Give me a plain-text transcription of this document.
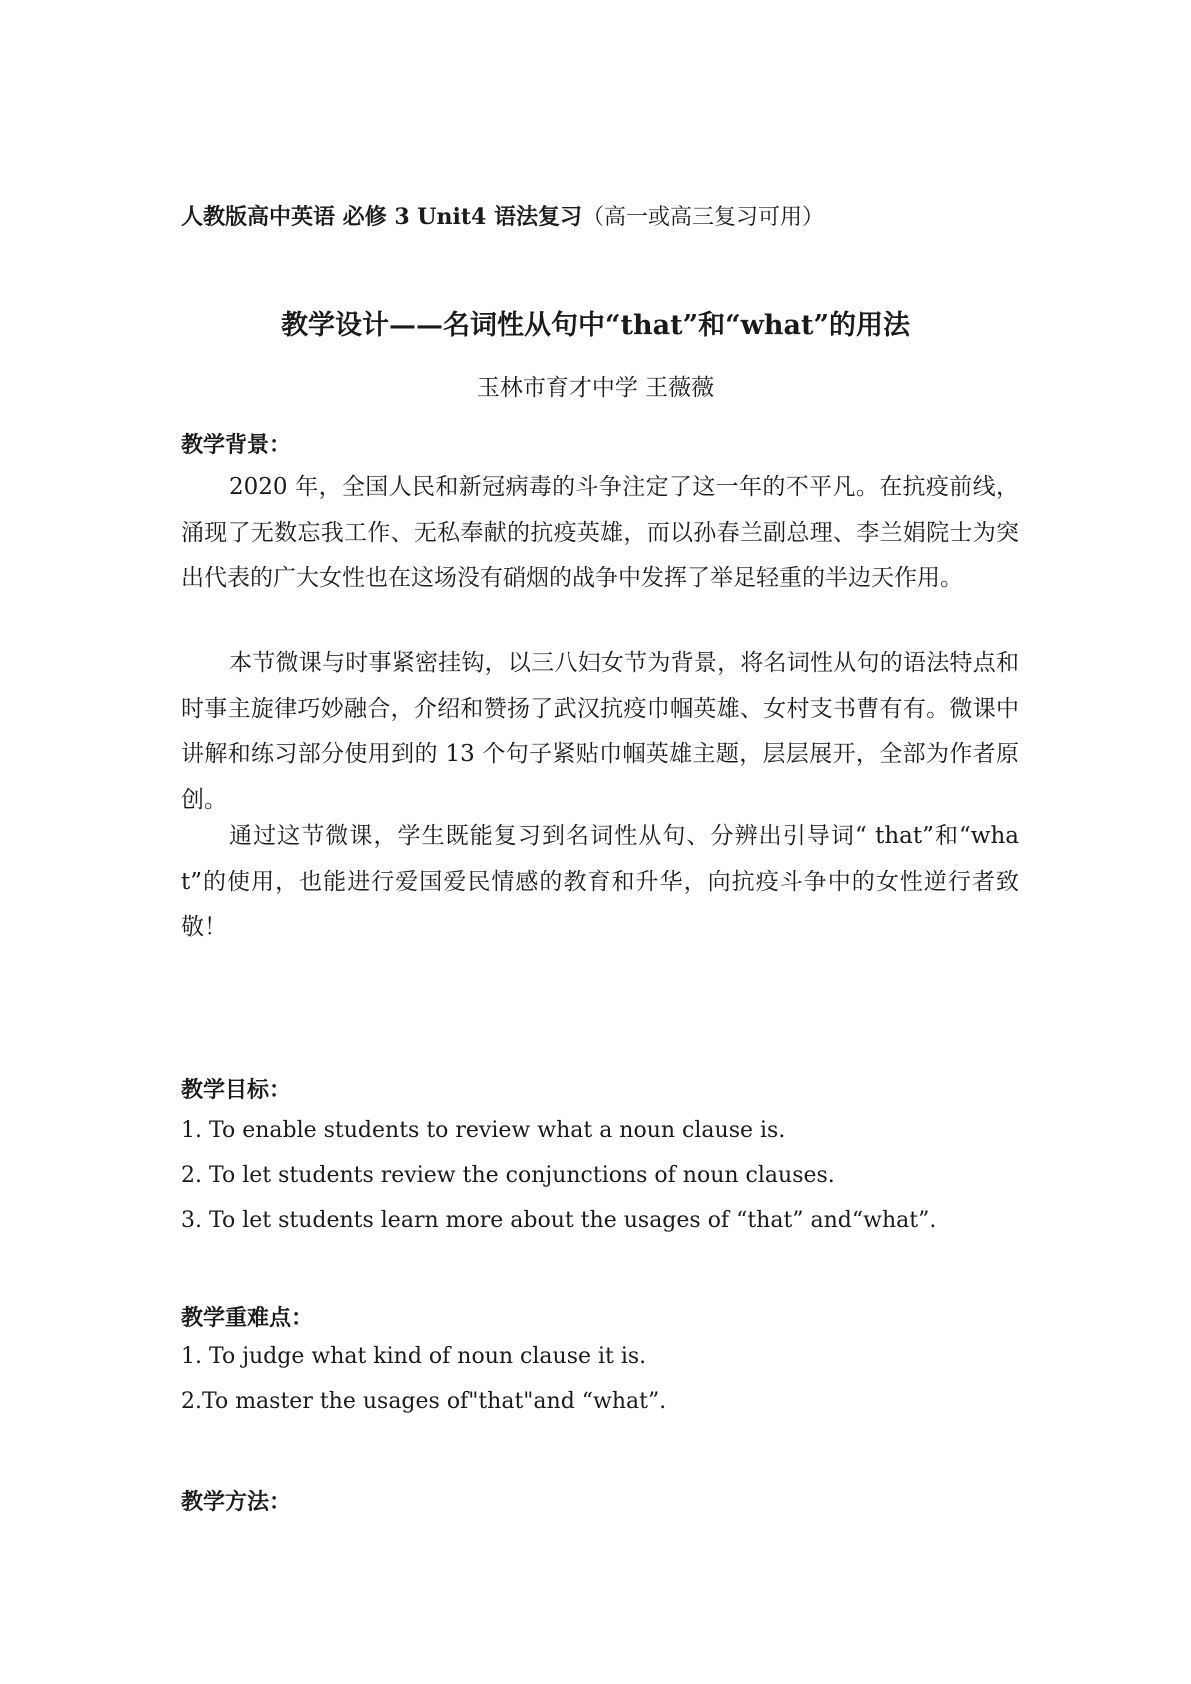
人教版高中英语 必修 3 Unit4 语法复习（高一或高三复习可用）
教学设计——名词性从句中“that”和“what”的用法
玉林市育才中学 王薇薇
教学背景：
2020 年，全国人民和新冠病毒的斗争注定了这一年的不平凡。在抗疫前线，涌现了无数忘我工作、无私奉献的抗疫英雄，而以孙春兰副总理、李兰娟院士为突出代表的广大女性也在这场没有硝烟的战争中发挥了举足轻重的半边天作用。
本节微课与时事紧密挂钩，以三八妇女节为背景，将名词性从句的语法特点和时事主旋律巧妙融合，介绍和赞扬了武汉抗疫巾帼英雄、女村支书曹有有。微课中讲解和练习部分使用到的 13 个句子紧贴巾帼英雄主题，层层展开，全部为作者原创。
通过这节微课，学生既能复习到名词性从句、分辨出引导词“ that”和“what”的使用，也能进行爱国爱民情感的教育和升华，向抗疫斗争中的女性逆行者致敬！
教学目标：
1. To enable students to review what a noun clause is.
2. To let students review the conjunctions of noun clauses.
3. To let students learn more about the usages of “that” and“what”.
教学重难点：
1. To judge what kind of noun clause it is.
2.To master the usages of"that"and “what”.
教学方法：
